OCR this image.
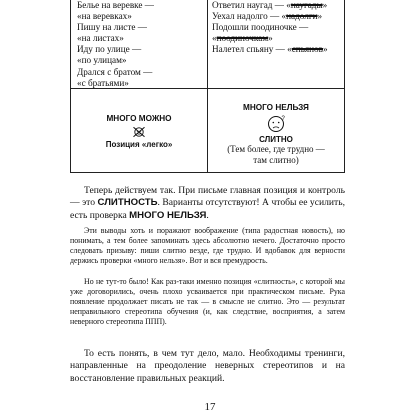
Белье на веревке —
«на веревках»
Пишу на листе —
«на листах»
Иду по улице —
«по улицам»
Дрался с братом —
«с братьями»
Ответил наугад — «наугады»
Уехал надолго — «надолги»
Подошли поодиночке —
«поодиночкам»
Налетел спьяну — «спьянов»
МНОГО МОЖНО
Позиция «легко»
МНОГО НЕЛЬЗЯ
?
СЛИТНО
(Тем более, где трудно —
там слитно)
Теперь действуем так. При письме главная позиция и контроль — это СЛИТНОСТЬ. Варианты отсутствуют! А чтобы ее усилить, есть проверка МНОГО НЕЛЬЗЯ.
Эти выводы хоть и поражают воображение (типа радостная новость), но понимать, а тем более запоминать здесь абсолютно нечего. Достаточно просто следовать призыву: пиши слитно везде, где трудно. И вдобавок для верности держись проверки «много нельзя». Вот и вся премудрость.
Но не тут-то было! Как раз-таки именно позиция «слитность», с которой мы уже договорились, очень плохо усваивается при практическом письме. Рука появление продолжает писать не так — в смысле не слитно. Это — результат неправильного стереотипа обучения (и, как следствие, восприятия, а затем неверного стереотипа ППП).
То есть понять, в чем тут дело, мало. Необходимы тренинги, направленные на преодоление неверных стереотипов и на восстановление правильных реакций.
17
